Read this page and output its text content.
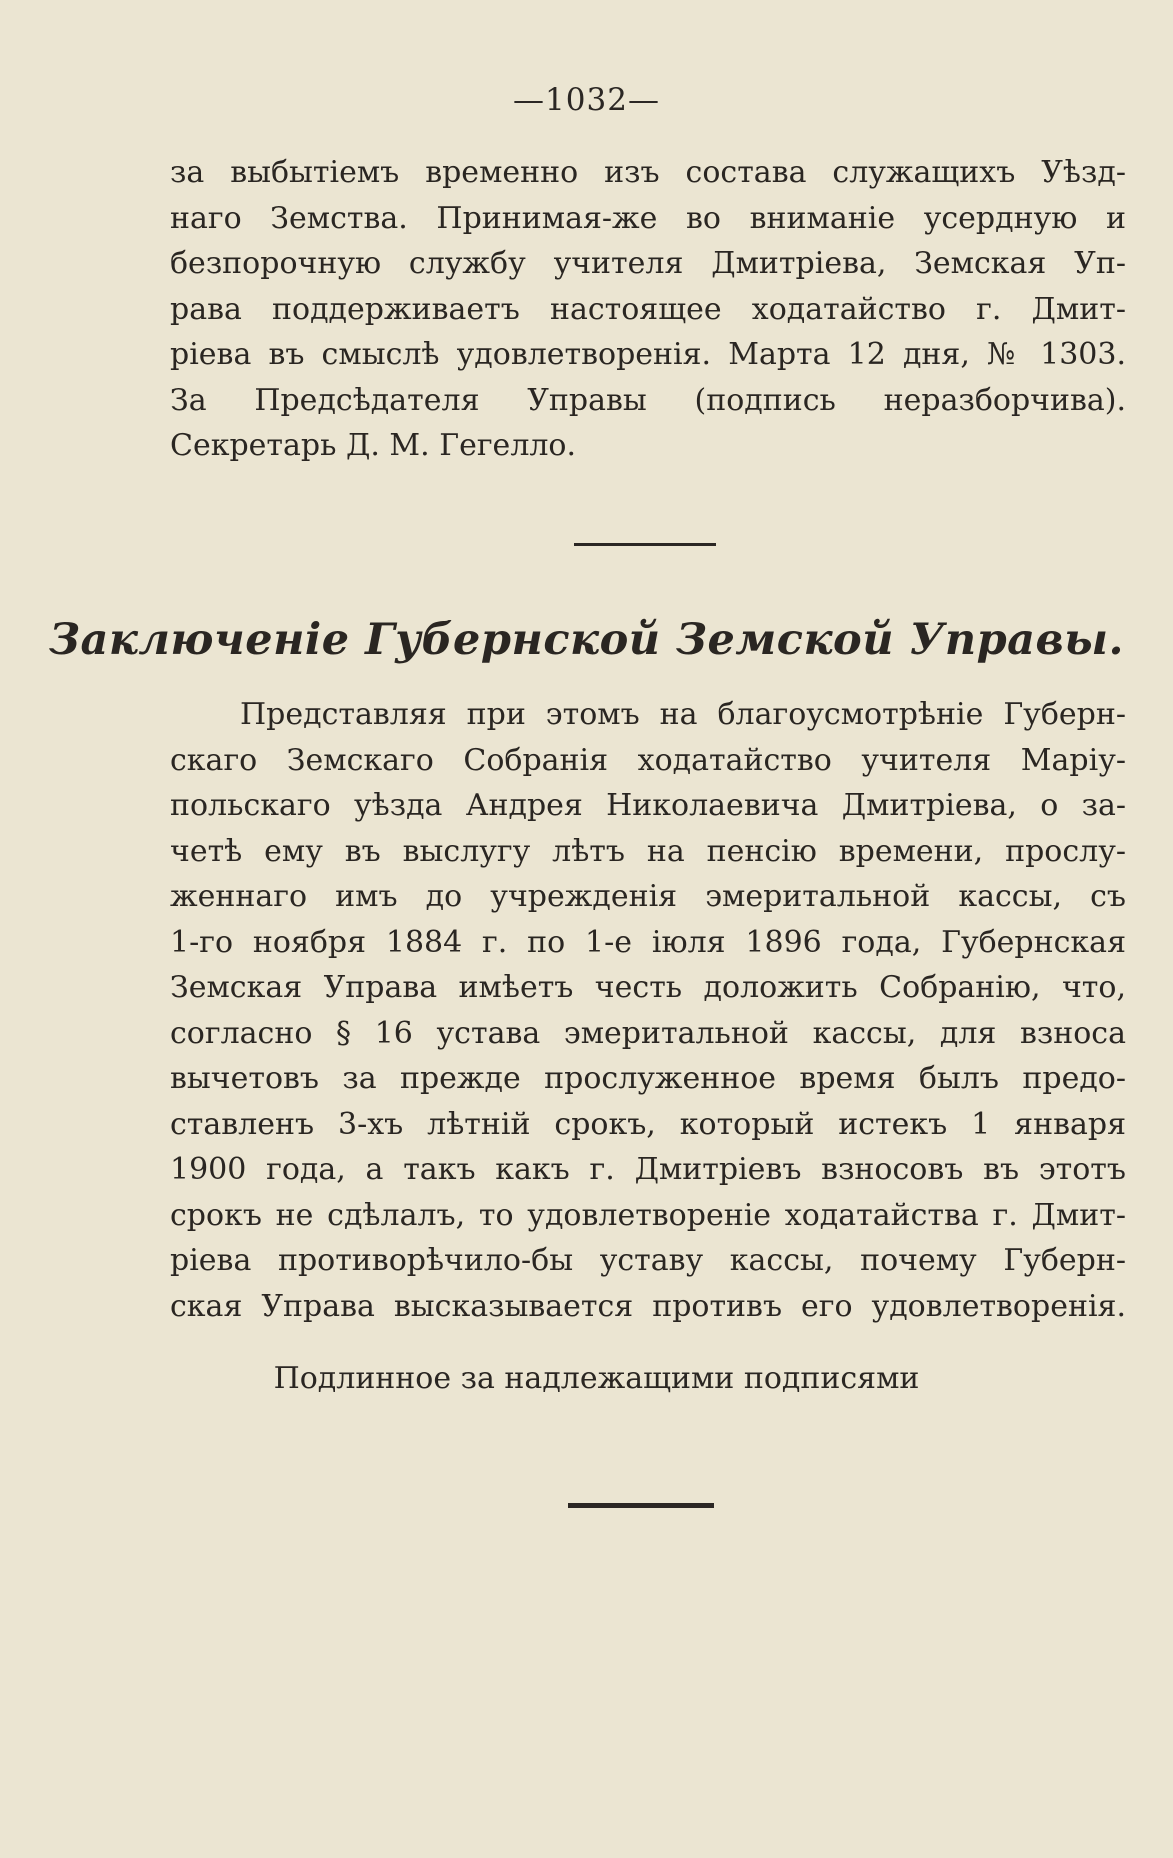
—1032—
за выбытіемъ временно изъ состава служащихъ Уѣзд-
наго Земства. Принимая-же во вниманіе усердную и
безпорочную службу учителя Дмитріева, Земская Уп-
рава поддерживаетъ настоящее ходатайство г. Дмит-
ріева въ смыслѣ удовлетворенія. Марта 12 дня, № 1303.
За Предсѣдателя Управы (подпись неразборчива).
Секретарь Д. М. Гегелло.
Заключеніе Губернской Земской Управы.
Представляя при этомъ на благоусмотрѣніе Губерн-
скаго Земскаго Собранія ходатайство учителя Маріу-
польскаго уѣзда Андрея Николаевича Дмитріева, о за-
четѣ ему въ выслугу лѣтъ на пенсію времени, прослу-
женнаго имъ до учрежденія эмеритальной кассы, съ
1-го ноября 1884 г. по 1-е іюля 1896 года, Губернская
Земская Управа имѣетъ честь доложить Собранію, что,
согласно § 16 устава эмеритальной кассы, для взноса
вычетовъ за прежде прослуженное время былъ предо-
ставленъ 3-хъ лѣтній срокъ, который истекъ 1 января
1900 года, а такъ какъ г. Дмитріевъ взносовъ въ этотъ
срокъ не сдѣлалъ, то удовлетвореніе ходатайства г. Дмит-
ріева противорѣчило-бы уставу кассы, почему Губерн-
ская Управа высказывается противъ его удовлетворенія.
Подлинное за надлежащими подписями
